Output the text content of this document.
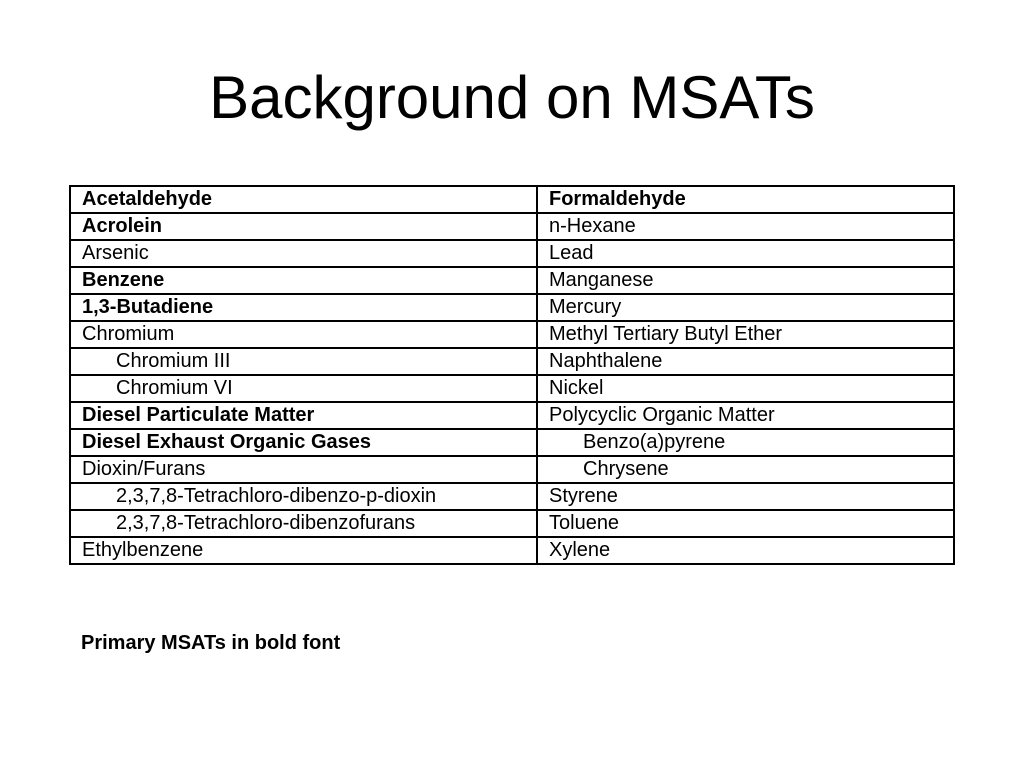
Background on MSATs
Acetaldehyde	Formaldehyde
Acrolein	n-Hexane
Arsenic	Lead
Benzene	Manganese
1,3-Butadiene	Mercury
Chromium	Methyl Tertiary Butyl Ether
Chromium III	Naphthalene
Chromium VI	Nickel
Diesel Particulate Matter	Polycyclic Organic Matter
Diesel Exhaust Organic Gases	Benzo(a)pyrene
Dioxin/Furans	Chrysene
2,3,7,8-Tetrachloro-dibenzo-p-dioxin	Styrene
2,3,7,8-Tetrachloro-dibenzofurans	Toluene
Ethylbenzene	Xylene

Primary MSATs in bold font
